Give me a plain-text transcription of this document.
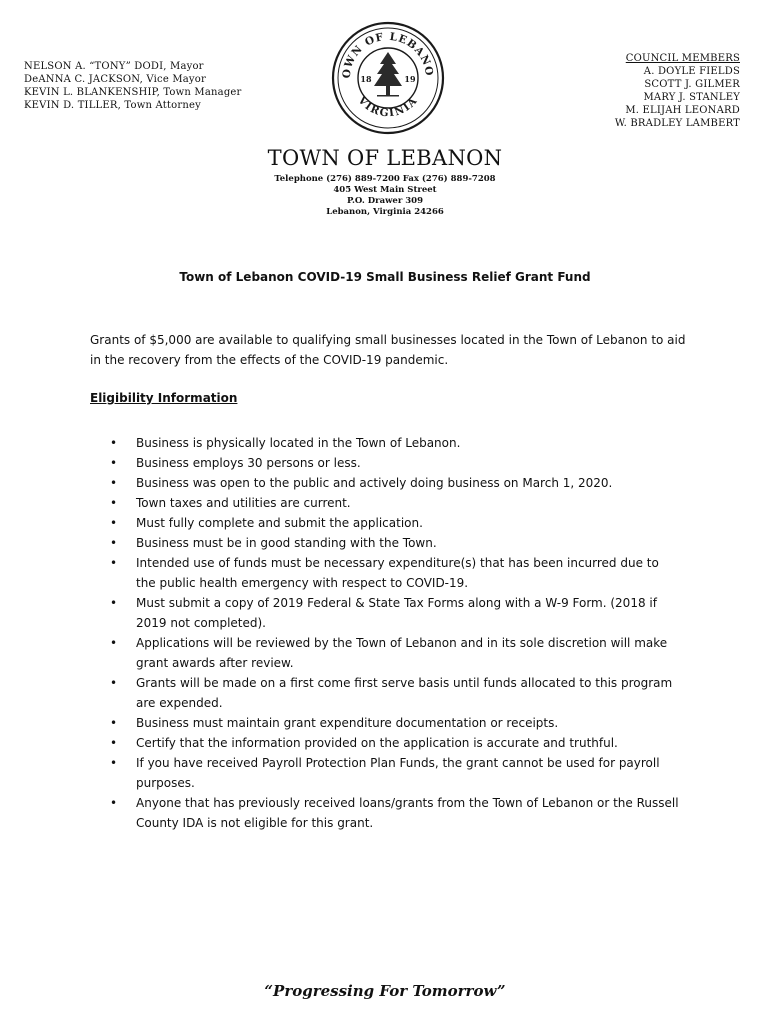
NELSON A. “TONY” DODI, Mayor
DeANNA C. JACKSON, Vice Mayor
KEVIN L. BLANKENSHIP, Town Manager
KEVIN D. TILLER, Town Attorney
OWN OF LEBANO
VIRGINIA
18	19
COUNCIL MEMBERS
A. DOYLE FIELDS
SCOTT J. GILMER
MARY J. STANLEY
M. ELIJAH LEONARD
W. BRADLEY LAMBERT
TOWN OF LEBANON
Telephone (276) 889-7200 Fax (276) 889-7208
405 West Main Street
P.O. Drawer 309
Lebanon, Virginia 24266
Town of Lebanon COVID-19 Small Business Relief Grant Fund
Grants of $5,000 are available to qualifying small businesses located in the Town of Lebanon to aid in the recovery from the effects of the COVID-19 pandemic.
Eligibility Information
• Business is physically located in the Town of Lebanon.
• Business employs 30 persons or less.
• Business was open to the public and actively doing business on March 1, 2020.
• Town taxes and utilities are current.
• Must fully complete and submit the application.
• Business must be in good standing with the Town.
• Intended use of funds must be necessary expenditure(s) that has been incurred due to the public health emergency with respect to COVID-19.
• Must submit a copy of 2019 Federal & State Tax Forms along with a W-9 Form. (2018 if 2019 not completed).
• Applications will be reviewed by the Town of Lebanon and in its sole discretion will make grant awards after review.
• Grants will be made on a first come first serve basis until funds allocated to this program are expended.
• Business must maintain grant expenditure documentation or receipts.
• Certify that the information provided on the application is accurate and truthful.
• If you have received Payroll Protection Plan Funds, the grant cannot be used for payroll purposes.
• Anyone that has previously received loans/grants from the Town of Lebanon or the Russell County IDA is not eligible for this grant.
“Progressing For Tomorrow”
